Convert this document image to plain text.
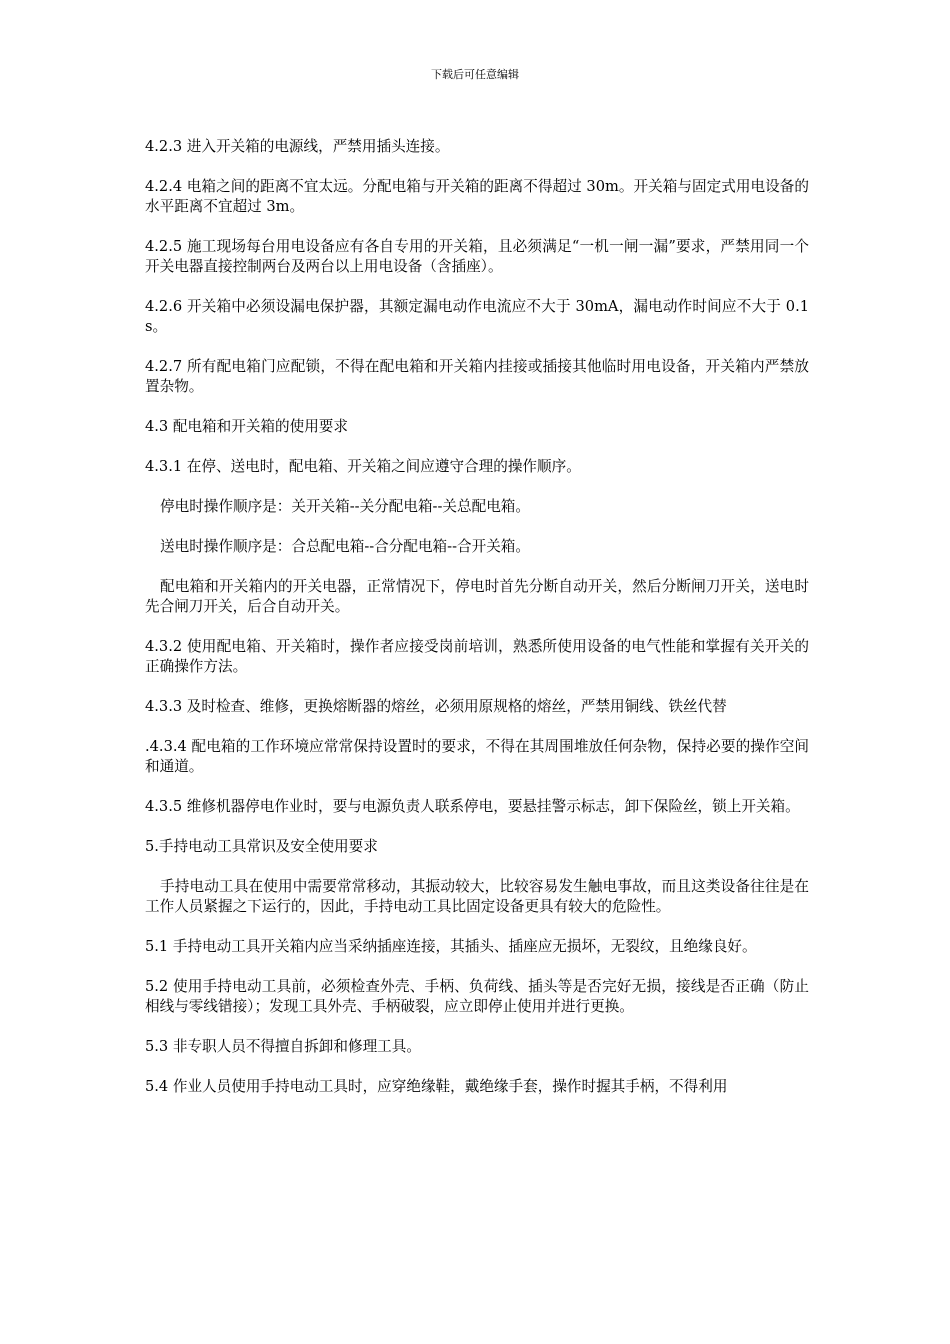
下载后可任意编辑

4.2.3 进入开关箱的电源线，严禁用插头连接。

4.2.4 电箱之间的距离不宜太远。分配电箱与开关箱的距离不得超过 30m。开关箱与固定式用电设备的水平距离不宜超过 3m。

4.2.5 施工现场每台用电设备应有各自专用的开关箱，且必须满足“一机一闸一漏”要求，严禁用同一个开关电器直接控制两台及两台以上用电设备（含插座）。

4.2.6 开关箱中必须设漏电保护器，其额定漏电动作电流应不大于 30mA，漏电动作时间应不大于 0.1s。

4.2.7 所有配电箱门应配锁，不得在配电箱和开关箱内挂接或插接其他临时用电设备，开关箱内严禁放置杂物。

4.3 配电箱和开关箱的使用要求

4.3.1 在停、送电时，配电箱、开关箱之间应遵守合理的操作顺序。

停电时操作顺序是：关开关箱--关分配电箱--关总配电箱。

送电时操作顺序是：合总配电箱--合分配电箱--合开关箱。

配电箱和开关箱内的开关电器，正常情况下，停电时首先分断自动开关，然后分断闸刀开关，送电时先合闸刀开关，后合自动开关。

4.3.2 使用配电箱、开关箱时，操作者应接受岗前培训，熟悉所使用设备的电气性能和掌握有关开关的正确操作方法。

4.3.3 及时检查、维修，更换熔断器的熔丝，必须用原规格的熔丝，严禁用铜线、铁丝代替

.4.3.4 配电箱的工作环境应常常保持设置时的要求，不得在其周围堆放任何杂物，保持必要的操作空间和通道。

4.3.5 维修机器停电作业时，要与电源负责人联系停电，要悬挂警示标志，卸下保险丝，锁上开关箱。

5.手持电动工具常识及安全使用要求

手持电动工具在使用中需要常常移动，其振动较大，比较容易发生触电事故，而且这类设备往往是在工作人员紧握之下运行的，因此，手持电动工具比固定设备更具有较大的危险性。

5.1 手持电动工具开关箱内应当采纳插座连接，其插头、插座应无损坏，无裂纹，且绝缘良好。

5.2 使用手持电动工具前，必须检查外壳、手柄、负荷线、插头等是否完好无损，接线是否正确（防止相线与零线错接）；发现工具外壳、手柄破裂，应立即停止使用并进行更换。

5.3 非专职人员不得擅自拆卸和修理工具。

5.4 作业人员使用手持电动工具时，应穿绝缘鞋，戴绝缘手套，操作时握其手柄，不得利用
